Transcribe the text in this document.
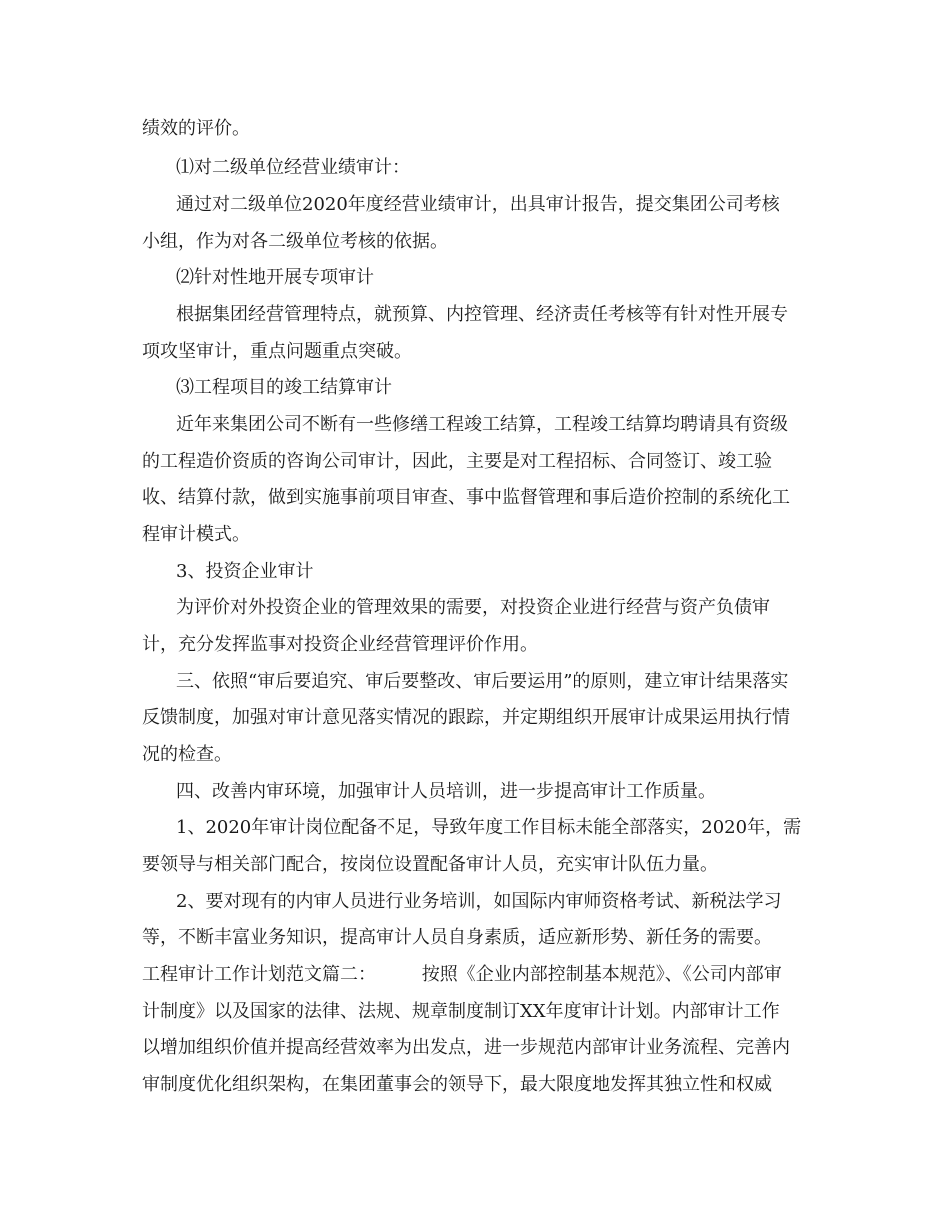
绩效的评价。

⑴对二级单位经营业绩审计：

通过对二级单位2020年度经营业绩审计，出具审计报告，提交集团公司考核

小组，作为对各二级单位考核的依据。

⑵针对性地开展专项审计

根据集团经营管理特点，就预算、内控管理、经济责任考核等有针对性开展专

项攻坚审计，重点问题重点突破。

⑶工程项目的竣工结算审计

近年来集团公司不断有一些修缮工程竣工结算，工程竣工结算均聘请具有资级

的工程造价资质的咨询公司审计，因此，主要是对工程招标、合同签订、竣工验

收、结算付款，做到实施事前项目审查、事中监督管理和事后造价控制的系统化工

程审计模式。

3、投资企业审计

为评价对外投资企业的管理效果的需要，对投资企业进行经营与资产负债审

计，充分发挥监事对投资企业经营管理评价作用。

三、依照“审后要追究、审后要整改、审后要运用”的原则，建立审计结果落实

反馈制度，加强对审计意见落实情况的跟踪，并定期组织开展审计成果运用执行情

况的检查。

四、改善内审环境，加强审计人员培训，进一步提高审计工作质量。

1、2020年审计岗位配备不足，导致年度工作目标未能全部落实，2020年，需

要领导与相关部门配合，按岗位设置配备审计人员，充实审计队伍力量。

2、要对现有的内审人员进行业务培训，如国际内审师资格考试、新税法学习

等，不断丰富业务知识，提高审计人员自身素质，适应新形势、新任务的需要。

工程审计工作计划范文篇二：        按照《企业内部控制基本规范》、《公司内部审

计制度》以及国家的法律、法规、规章制度制订XX年度审计计划。内部审计工作

以增加组织价值并提高经营效率为出发点，进一步规范内部审计业务流程、完善内

审制度优化组织架构，在集团董事会的领导下，最大限度地发挥其独立性和权威
